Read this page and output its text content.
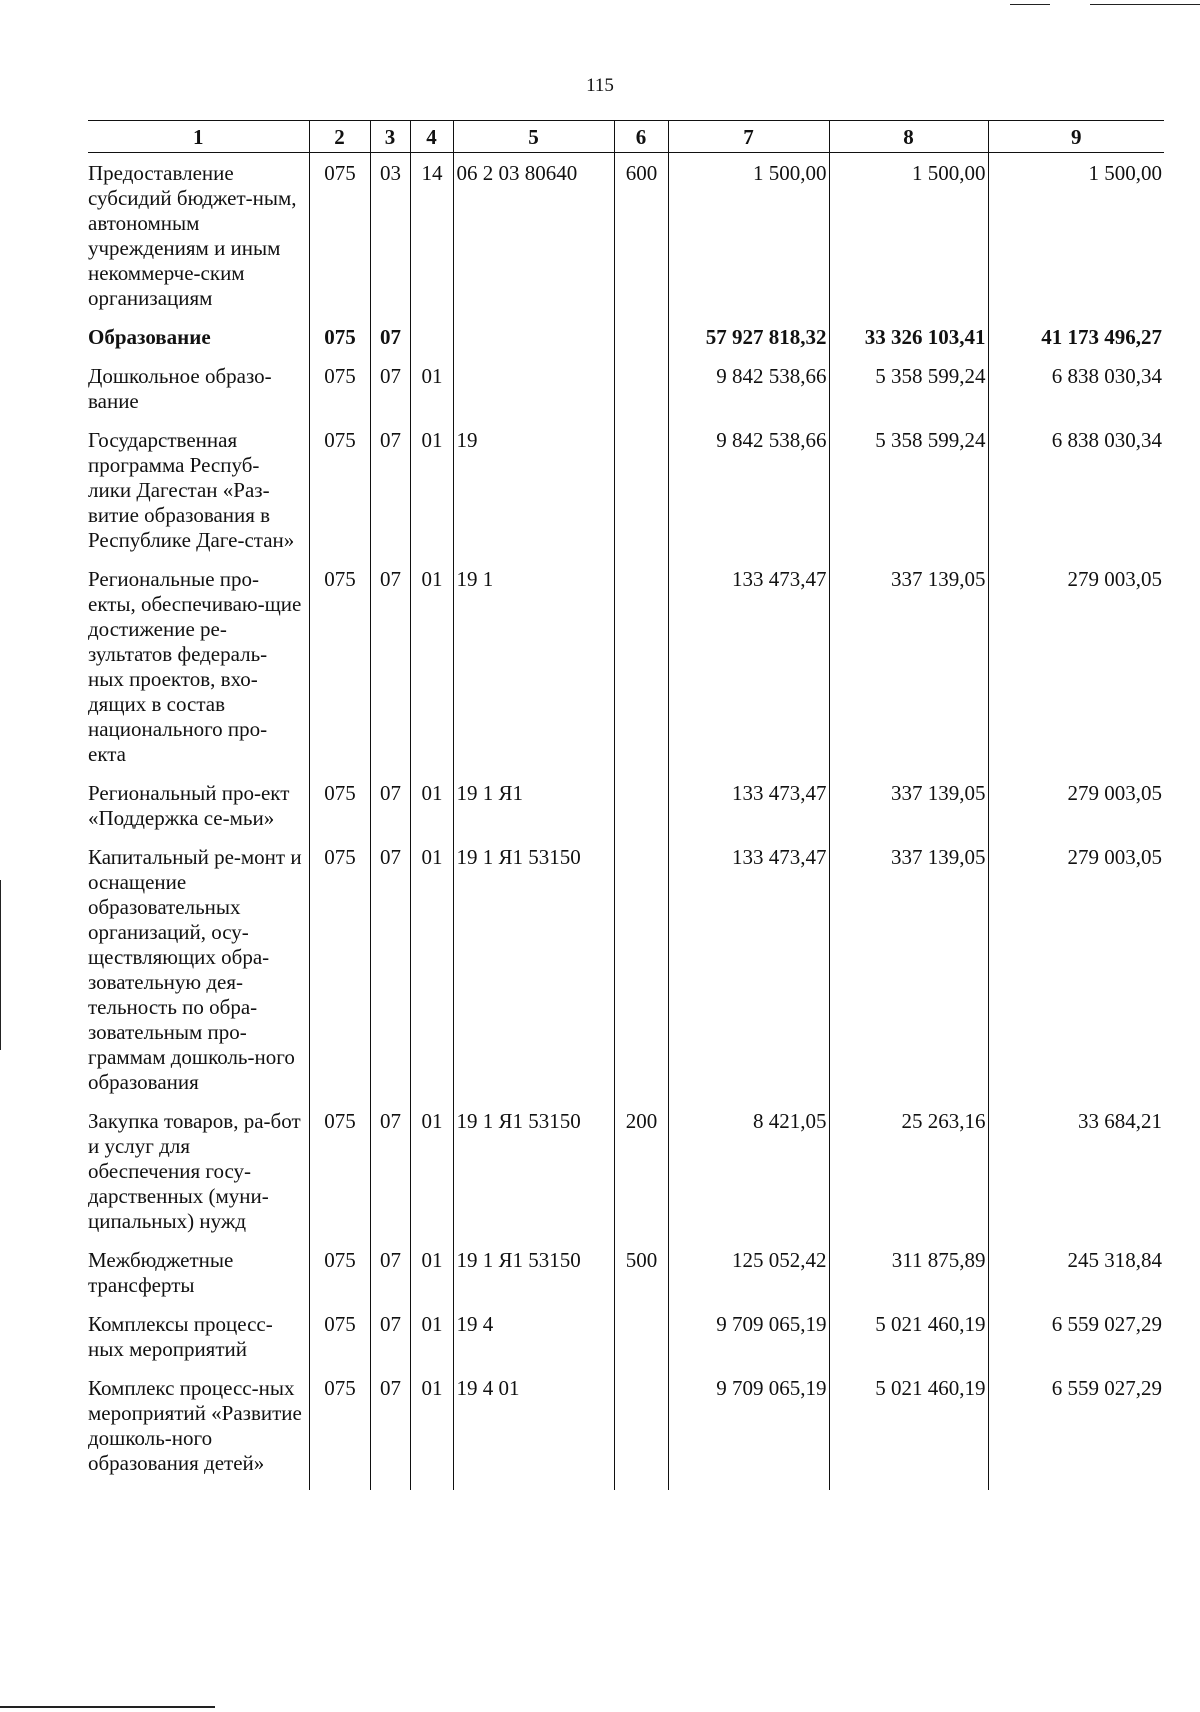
115
1	2	3	4	5	6	7	8	9
Предоставление субсидий бюджет-ным, автономным учреждениям и иным некоммерче-ским организациям	075	03	14	06 2 03 80640	600	1 500,00	1 500,00	1 500,00
Образование	075	07				57 927 818,32	33 326 103,41	41 173 496,27
Дошкольное образо-вание	075	07	01			9 842 538,66	5 358 599,24	6 838 030,34
Государственная программа Респуб-лики Дагестан «Раз-витие образования в Республике Даге-стан»	075	07	01	19		9 842 538,66	5 358 599,24	6 838 030,34
Региональные про-екты, обеспечиваю-щие достижение ре-зультатов федераль-ных проектов, вхо-дящих в состав национального про-екта	075	07	01	19 1		133 473,47	337 139,05	279 003,05
Региональный про-ект «Поддержка се-мьи»	075	07	01	19 1 Я1		133 473,47	337 139,05	279 003,05
Капитальный ре-монт и оснащение образовательных организаций, осу-ществляющих обра-зовательную дея-тельность по обра-зовательным про-граммам дошколь-ного образования	075	07	01	19 1 Я1 53150		133 473,47	337 139,05	279 003,05
Закупка товаров, ра-бот и услуг для обеспечения госу-дарственных (муни-ципальных) нужд	075	07	01	19 1 Я1 53150	200	8 421,05	25 263,16	33 684,21
Межбюджетные трансферты	075	07	01	19 1 Я1 53150	500	125 052,42	311 875,89	245 318,84
Комплексы процесс-ных мероприятий	075	07	01	19 4		9 709 065,19	5 021 460,19	6 559 027,29
Комплекс процесс-ных мероприятий «Развитие дошколь-ного образования детей»	075	07	01	19 4 01		9 709 065,19	5 021 460,19	6 559 027,29
